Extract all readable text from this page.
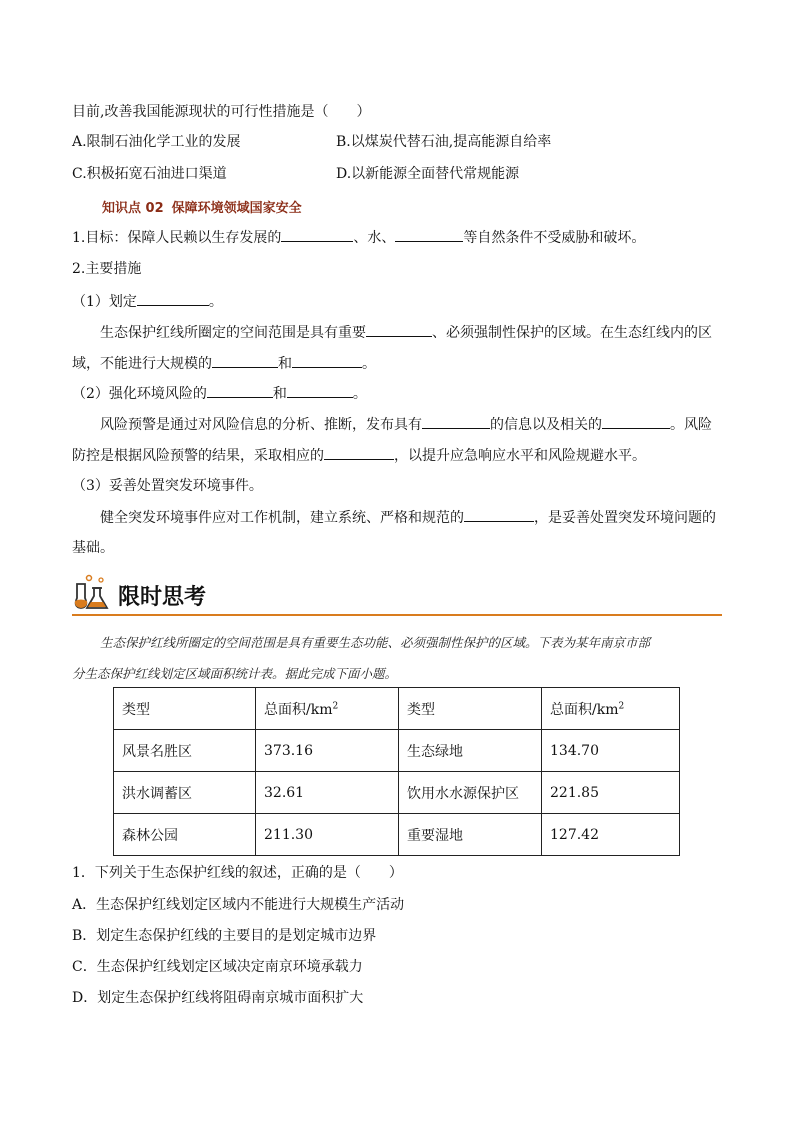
目前,改善我国能源现状的可行性措施是（　　）
A.限制石油化学工业的发展	B.以煤炭代替石油,提高能源自给率
C.积极拓宽石油进口渠道	D.以新能源全面替代常规能源
知识点 02 保障环境领域国家安全
1.目标：保障人民赖以生存发展的	、水、	等自然条件不受威胁和破坏。
2.主要措施
（1）划定	。
生态保护红线所圈定的空间范围是具有重要	、必须强制性保护的区域。在生态红线内的区
域，不能进行大规模的	和	。
（2）强化环境风险的	和	。
风险预警是通过对风险信息的分析、推断，发布具有	的信息以及相关的	。风险
防控是根据风险预警的结果，采取相应的	，以提升应急响应水平和风险规避水平。
（3）妥善处置突发环境事件。
健全突发环境事件应对工作机制，建立系统、严格和规范的	，是妥善处置突发环境问题的
基础。
限时思考
生态保护红线所圈定的空间范围是具有重要生态功能、必须强制性保护的区域。下表为某年南京市部
分生态保护红线划定区域面积统计表。据此完成下面小题。
类型	总面积$/km^2$	类型	总面积$/km^2$
风景名胜区	373.16	生态绿地	134.70
洪水调蓄区	32.61	饮用水水源保护区	221.85
森林公园	211.30	重要湿地	127.42
1．下列关于生态保护红线的叙述，正确的是（　　）
A．生态保护红线划定区域内不能进行大规模生产活动
B．划定生态保护红线的主要目的是划定城市边界
C．生态保护红线划定区域决定南京环境承载力
D．划定生态保护红线将阻碍南京城市面积扩大
